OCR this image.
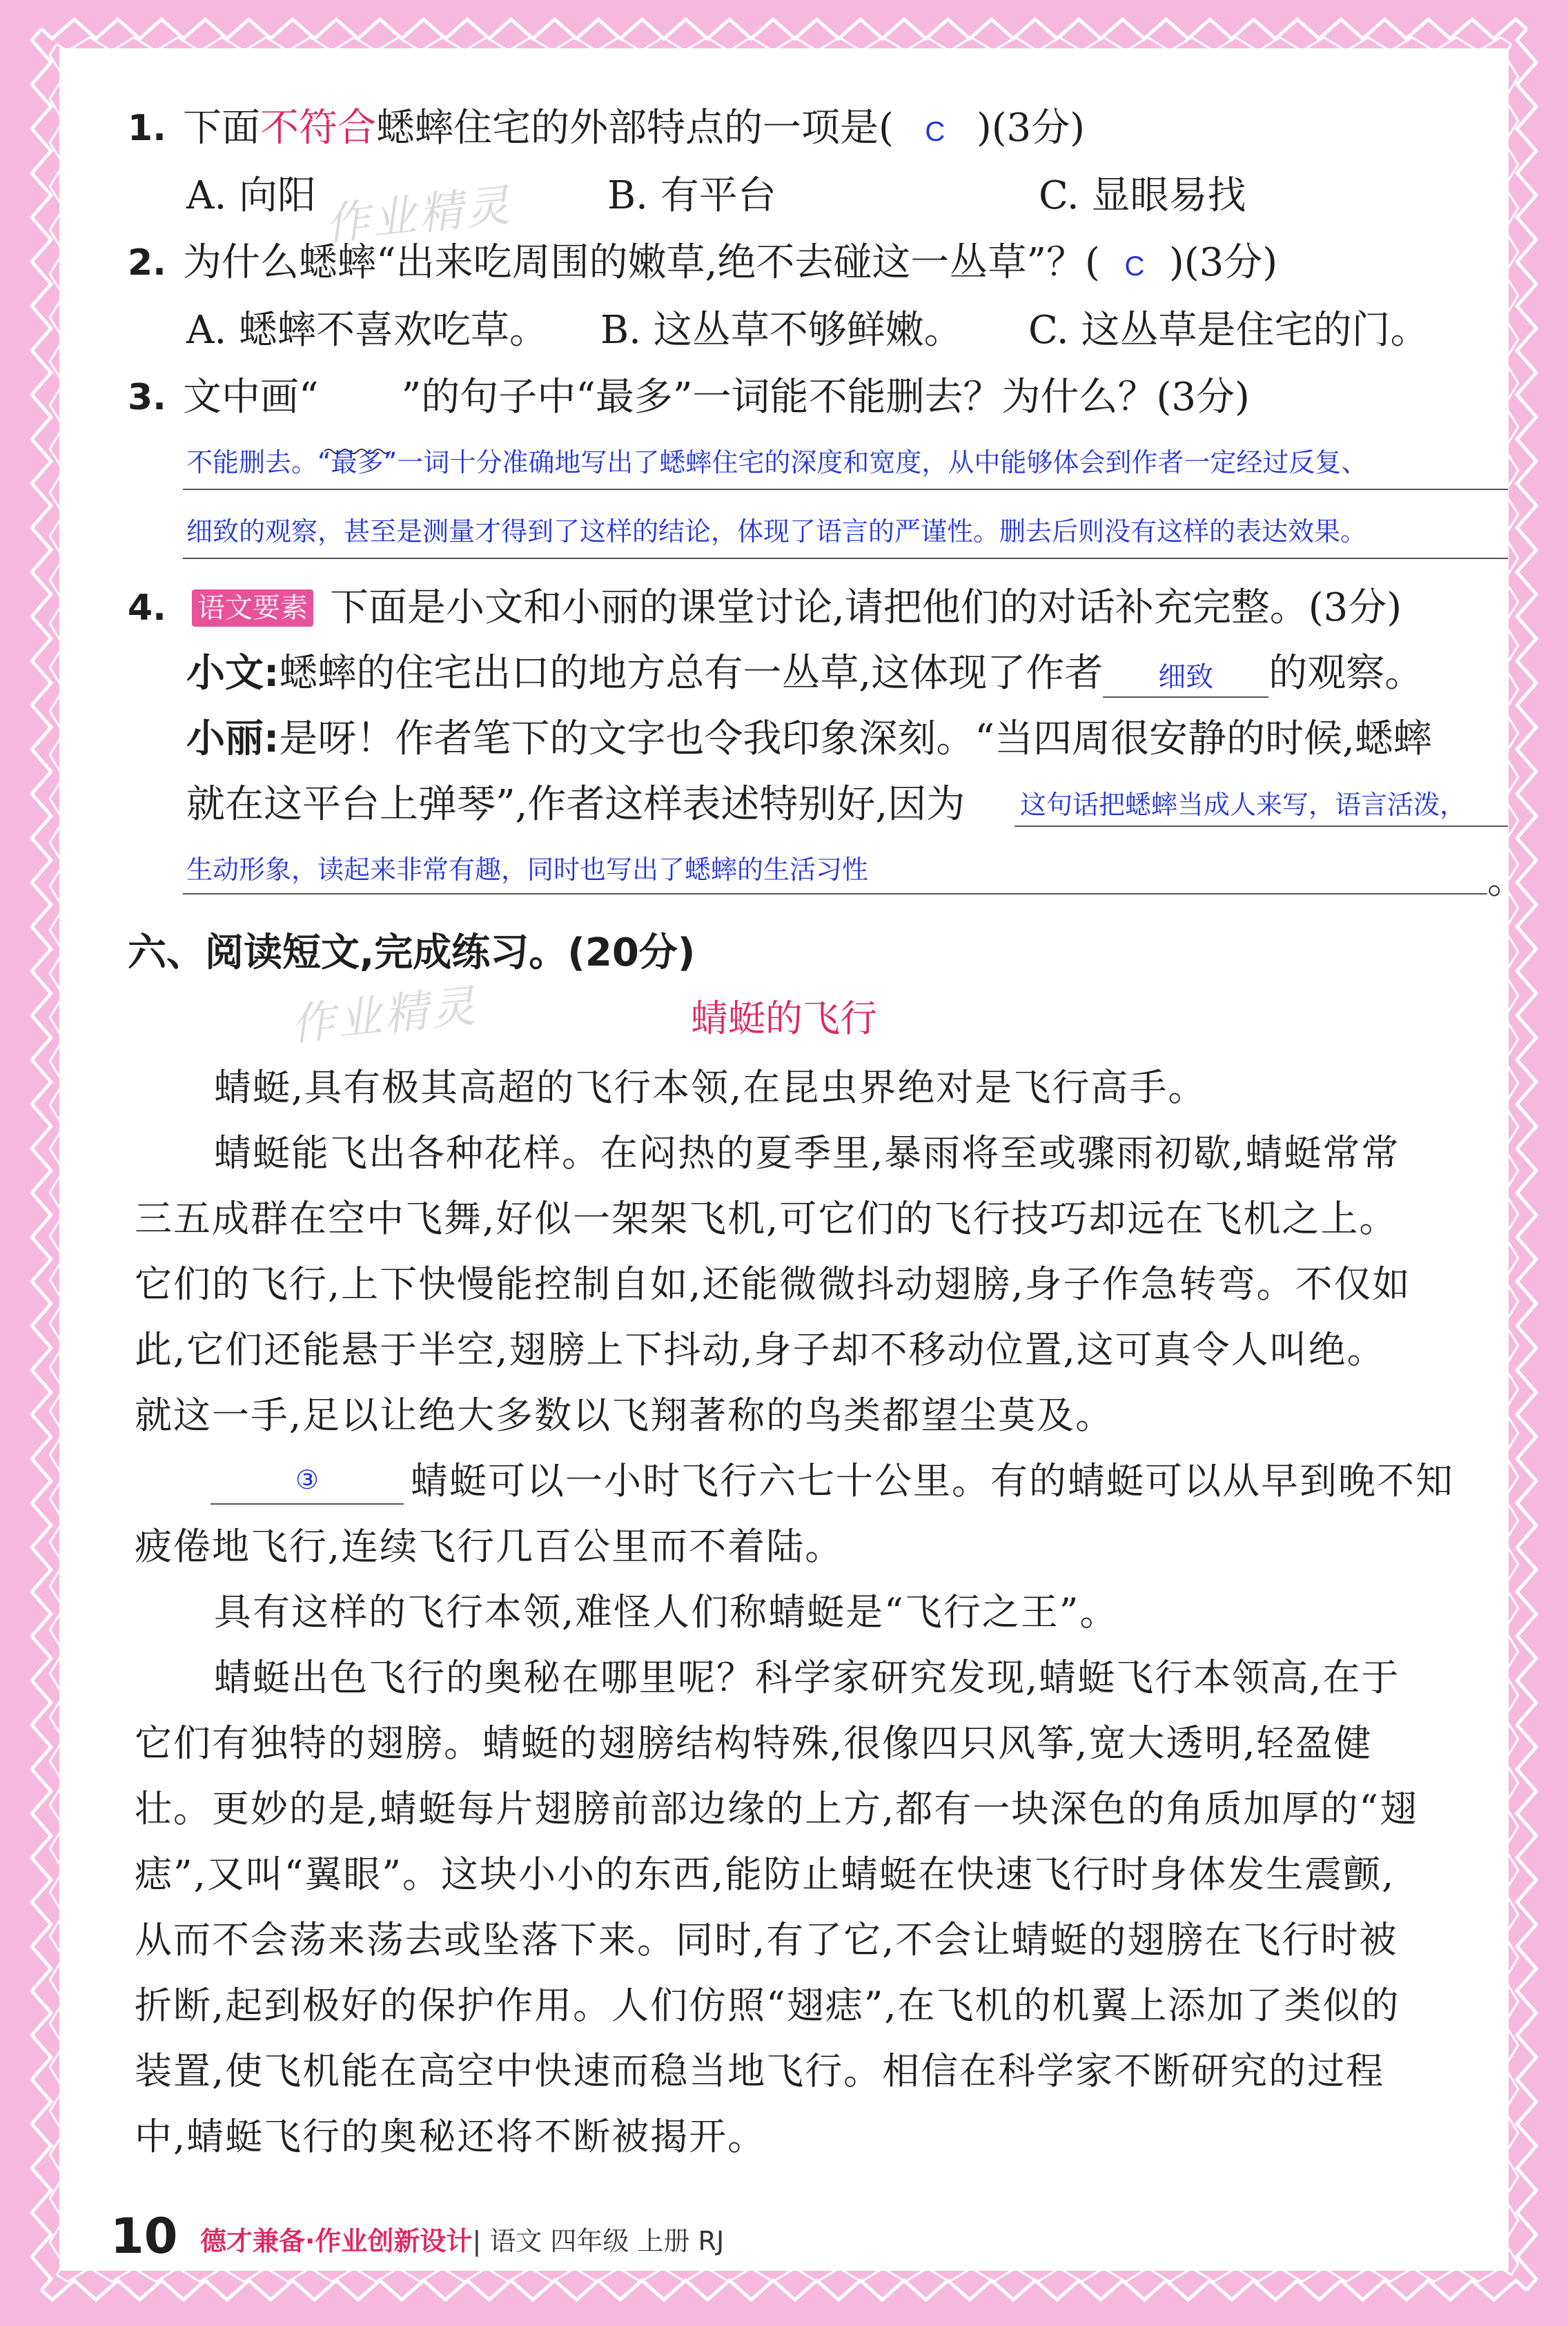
1. 下面不符合蟋蟀住宅的外部特点的一项是( C )(3分)
A. 向阳	B. 有平台	C. 显眼易找
2. 为什么蟋蟀“出来吃周围的嫩草,绝不去碰这一丛草”？( C )(3分)
A. 蟋蟀不喜欢吃草。 B. 这丛草不够鲜嫩。 C. 这丛草是住宅的门。
3. 文中画“ ”的句子中“最多”一词能不能删去？为什么？(3分)
不能删去。“最多”一词十分准确地写出了蟋蟀住宅的深度和宽度，从中能够体会到作者一定经过反复、
细致的观察，甚至是测量才得到了这样的结论，体现了语言的严谨性。删去后则没有这样的表达效果。
4. 语文要素 下面是小文和小丽的课堂讨论,请把他们的对话补充完整。(3分)
小文:蟋蟀的住宅出口的地方总有一丛草,这体现了作者 细致 的观察。
小丽:是呀！作者笔下的文字也令我印象深刻。“当四周很安静的时候,蟋蟀
就在这平台上弹琴”,作者这样表述特别好,因为 这句话把蟋蟀当成人来写，语言活泼，
生动形象，读起来非常有趣，同时也写出了蟋蟀的生活习性	。
六、阅读短文,完成练习。(20分)
蜻蜓的飞行
蜻蜓,具有极其高超的飞行本领,在昆虫界绝对是飞行高手。
蜻蜓能飞出各种花样。在闷热的夏季里,暴雨将至或骤雨初歇,蜻蜓常常
三五成群在空中飞舞,好似一架架飞机,可它们的飞行技巧却远在飞机之上。
它们的飞行,上下快慢能控制自如,还能微微抖动翅膀,身子作急转弯。不仅如
此,它们还能悬于半空,翅膀上下抖动,身子却不移动位置,这可真令人叫绝。
就这一手,足以让绝大多数以飞翔著称的鸟类都望尘莫及。
③	蜻蜓可以一小时飞行六七十公里。有的蜻蜓可以从早到晚不知
疲倦地飞行,连续飞行几百公里而不着陆。
具有这样的飞行本领,难怪人们称蜻蜓是“飞行之王”。
蜻蜓出色飞行的奥秘在哪里呢？科学家研究发现,蜻蜓飞行本领高,在于
它们有独特的翅膀。蜻蜓的翅膀结构特殊,很像四只风筝,宽大透明,轻盈健
壮。更妙的是,蜻蜓每片翅膀前部边缘的上方,都有一块深色的角质加厚的“翅
痣”,又叫“翼眼”。这块小小的东西,能防止蜻蜓在快速飞行时身体发生震颤,
从而不会荡来荡去或坠落下来。同时,有了它,不会让蜻蜓的翅膀在飞行时被
折断,起到极好的保护作用。人们仿照“翅痣”,在飞机的机翼上添加了类似的
装置,使飞机能在高空中快速而稳当地飞行。相信在科学家不断研究的过程
中,蜻蜓飞行的奥秘还将不断被揭开。
作业精灵
作业精灵
10 德才兼备·作业创新设计| 语文 四年级 上册 RJ
